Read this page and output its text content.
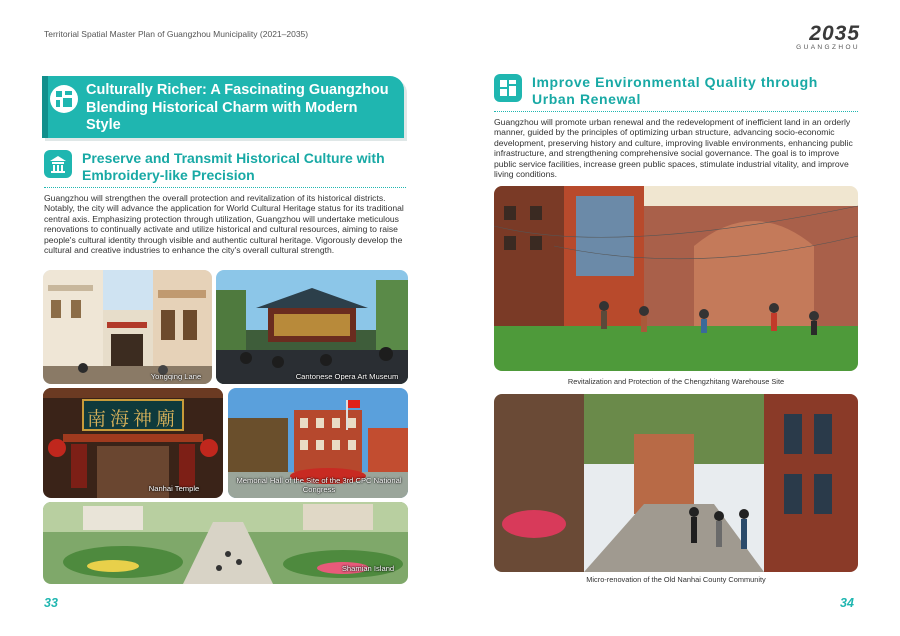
Territorial Spatial Master Plan of Guangzhou Municipality (2021–2035)
Culturally Richer: A Fascinating Guangzhou Blending Historical Charm with Modern Style
Preserve and Transmit Historical Culture with Embroidery-like Precision
Guangzhou will strengthen the overall protection and revitalization of its historical districts. Notably, the city will advance the application for World Cultural Heritage status for its traditional central axis. Emphasizing protection through utilization, Guangzhou will undertake meticulous renovations to continually activate and utilize historical and cultural resources, aiming to raise people's cultural identity through visible and authentic cultural heritage. Vigorously develop the cultural and creative industries to enhance the city's overall cultural strength.
Yongqing Lane	Cantonese Opera Art Museum
南海神廟
Nanhai Temple
Memorial Hall of the Site of the 3rd CPC National Congress
Shamian Island
33
2035
GUANGZHOU
Improve Environmental Quality through Urban Renewal
Guangzhou will promote urban renewal and the redevelopment of inefficient land in an orderly manner, guided by the principles of optimizing urban structure, advancing socio-economic development, preserving history and culture, improving livable environments, enhancing public infrastructure, and strengthening comprehensive social governance. The goal is to improve public service facilities, increase green public spaces, stimulate industrial vitality, and improve living conditions.
Revitalization and Protection of the Chengzhitang Warehouse Site
Micro-renovation of the Old Nanhai County Community
34
